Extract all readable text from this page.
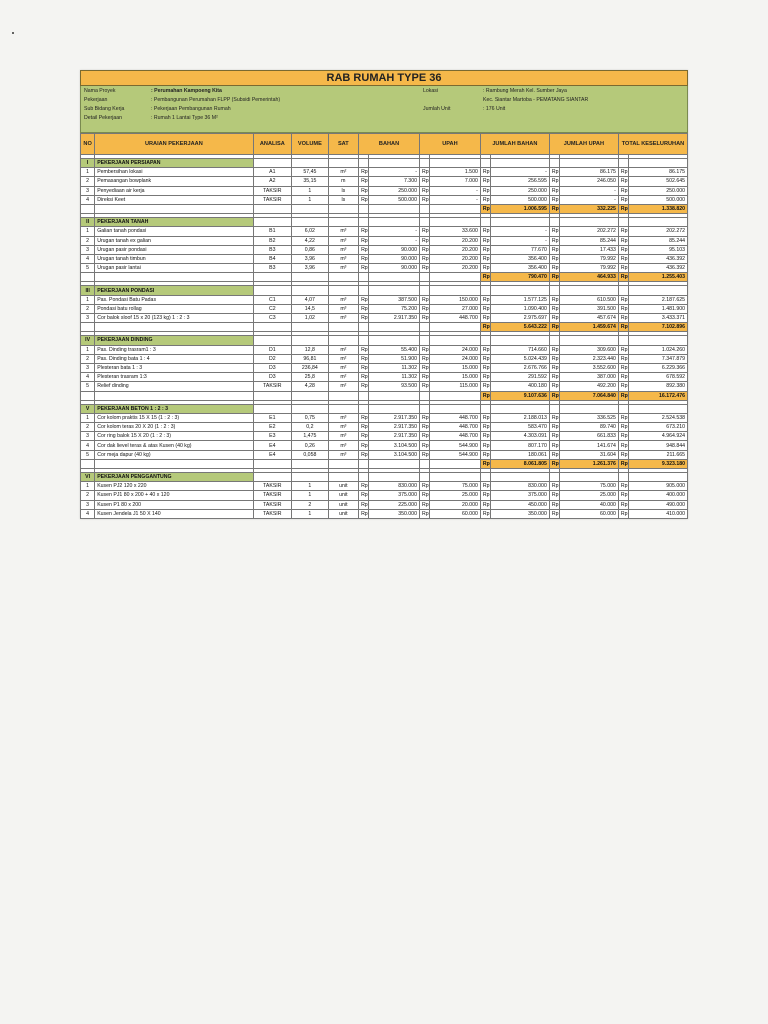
RAB RUMAH TYPE 36
Nama Proyek	: Perumahan Kampoeng Kita
Pekerjaan	: Pembangunan Perumahan FLPP (Subsidi Pemerintah)
Sub Bidang Kerja	: Pekerjaan Pembangunan Rumah
Detail Pekerjaan	: Rumah 1 Lantai Type 36 M²
Lokasi	: Rambung Merah Kel. Sumber Jaya
Kec. Siantar Martoba - PEMATANG SIANTAR
Jumlah Unit	: 176 Unit
NO	URAIAN PEKERJAAN	ANALISA	VOLUME	SAT	BAHAN		UPAH		JUMLAH BAHAN		JUMLAH UPAH		TOTAL KESELURUHAN	

I	PEKERJAAN PERSIAPAN													
1	Pembersihan lokasi	A1	57,45	m²	Rp	-	Rp	1.500	Rp	-	Rp	86.175	Rp	86.175
2	Pemasangan bowplank	A2	35,15	m	Rp	7.300	Rp	7.000	Rp	256.595	Rp	246.050	Rp	502.645
3	Penyediaan air kerja	TAKSIR	1	ls	Rp	250.000	Rp	-	Rp	250.000	Rp	-	Rp	250.000
4	Direksi Keet	TAKSIR	1	ls	Rp	500.000	Rp	-	Rp	500.000	Rp	-	Rp	500.000
									Rp	1.006.595	Rp	332.225	Rp	1.338.820

II	PEKERJAAN TANAH													
1	Galian tanah pondasi	B1	6,02	m³	Rp	-	Rp	33.600	Rp	-	Rp	202.272	Rp	202.272
2	Urugan tanah ex galian	B2	4,22	m³	Rp	-	Rp	20.200	Rp	-	Rp	85.244	Rp	85.244
3	Urugan pasir pondasi	B3	0,86	m³	Rp	90.000	Rp	20.200	Rp	77.670	Rp	17.433	Rp	95.103
4	Urugan tanah timbun	B4	3,96	m³	Rp	90.000	Rp	20.200	Rp	356.400	Rp	79.992	Rp	436.392
5	Urugan pasir lantai	B3	3,96	m³	Rp	90.000	Rp	20.200	Rp	356.400	Rp	79.992	Rp	436.392
									Rp	790.470	Rp	464.933	Rp	1.255.403

III	PEKERJAAN PONDASI													
1	Pas. Pondasi Batu Padas	C1	4,07	m³	Rp	387.500	Rp	150.000	Rp	1.577.125	Rp	610.500	Rp	2.187.625
2	Pondasi batu rollag	C2	14,5	m³	Rp	75.200	Rp	27.000	Rp	1.090.400	Rp	391.500	Rp	1.481.900
3	Cor balok sloof 15 x 20 (123 kg) 1 : 2 : 3	C3	1,02	m³	Rp	2.917.350	Rp	448.700	Rp	2.975.697	Rp	457.674	Rp	3.433.371
									Rp	5.643.222	Rp	1.459.674	Rp	7.102.896

IV	PEKERJAAN DINDING													
1	Pas. Dinding trasram1 : 3	D1	12,8	m²	Rp	55.400	Rp	24.000	Rp	714.660	Rp	309.600	Rp	1.024.260
2	Pas. Dinding bata 1 : 4	D2	96,81	m²	Rp	51.900	Rp	24.000	Rp	5.024.439	Rp	2.323.440	Rp	7.347.879
3	Plesteran bata 1 : 3	D3	236,84	m²	Rp	11.302	Rp	15.000	Rp	2.676.766	Rp	3.552.600	Rp	6.229.366
4	Plesteran trasram 1:3	D3	25,8	m²	Rp	11.302	Rp	15.000	Rp	291.592	Rp	387.000	Rp	678.592
5	Relief dinding	TAKSIR	4,28	m²	Rp	93.500	Rp	115.000	Rp	400.180	Rp	492.200	Rp	892.380
									Rp	9.107.636	Rp	7.064.840	Rp	16.172.476

V	PEKERJAAN BETON 1 : 2 : 3													
1	Cor kolom praktis 15 X 15 (1 : 2 : 3)	E1	0,75	m³	Rp	2.917.350	Rp	448.700	Rp	2.188.013	Rp	336.525	Rp	2.524.538
2	Cor kolom teras 20 X 20 (1 : 2 : 3)	E2	0,2	m³	Rp	2.917.350	Rp	448.700	Rp	583.470	Rp	89.740	Rp	673.210
3	Cor ring balok 15 X 20 (1 : 2 : 3)	E3	1,475	m³	Rp	2.917.350	Rp	448.700	Rp	4.303.091	Rp	661.833	Rp	4.964.924
4	Cor dak lievel teras & atas Kusen (40 kg)	E4	0,26	m³	Rp	3.104.500	Rp	544.900	Rp	807.170	Rp	141.674	Rp	948.844
5	Cor meja dapur (40 kg)	E4	0,058	m³	Rp	3.104.500	Rp	544.900	Rp	180.061	Rp	31.604	Rp	211.665
									Rp	8.061.805	Rp	1.261.376	Rp	9.323.180

VI	PEKERJAAN PENGGANTUNG													
1	Kusen PJ2 120 x 220	TAKSIR	1	unit	Rp	830.000	Rp	75.000	Rp	830.000	Rp	75.000	Rp	905.000
2	Kusen PJ1 80 x 200 + 40 x 120	TAKSIR	1	unit	Rp	375.000	Rp	25.000	Rp	375.000	Rp	25.000	Rp	400.000
3	Kusen P1 80 x 200	TAKSIR	2	unit	Rp	225.000	Rp	20.000	Rp	450.000	Rp	40.000	Rp	490.000
4	Kusen Jendela J1 50 X 140	TAKSIR	1	unit	Rp	350.000	Rp	60.000	Rp	350.000	Rp	60.000	Rp	410.000
